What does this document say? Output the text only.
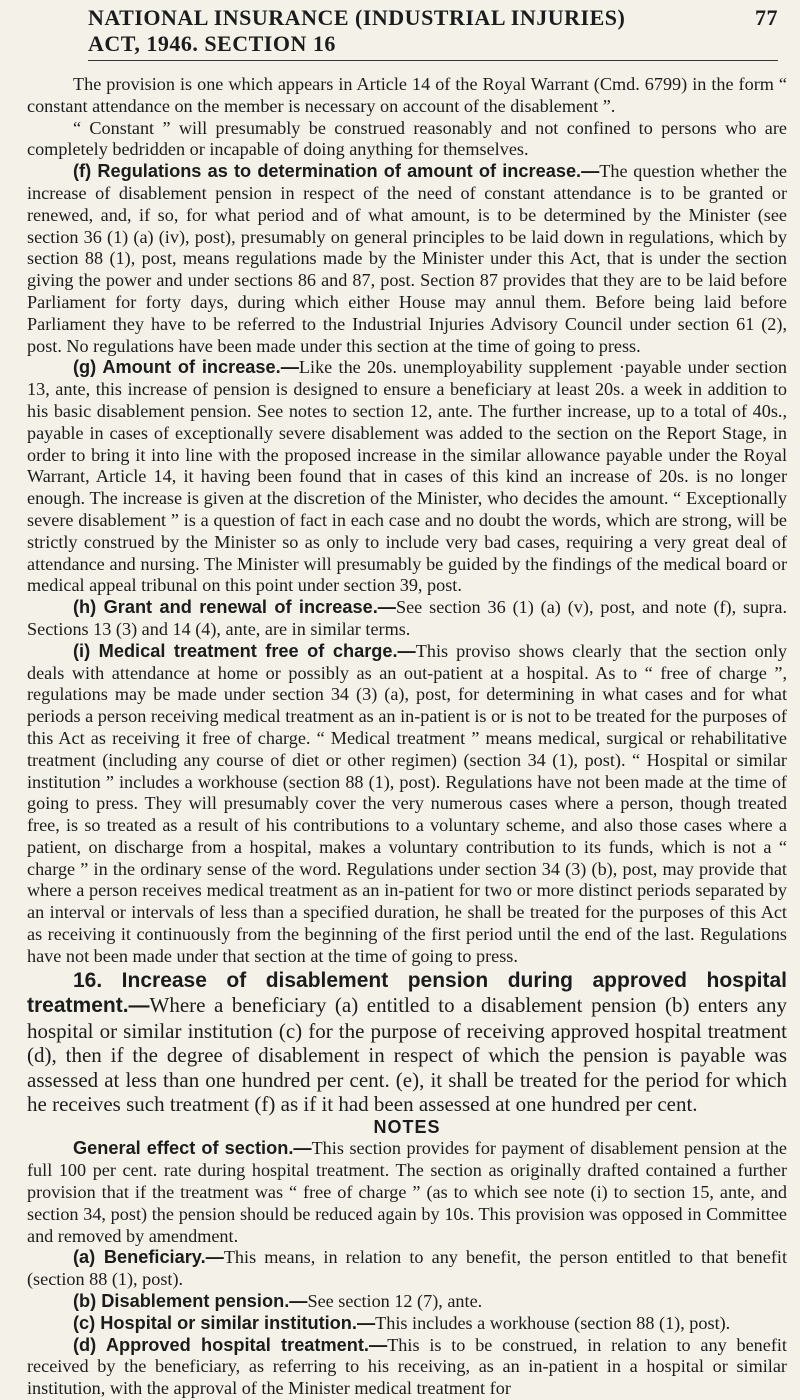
NATIONAL INSURANCE (INDUSTRIAL INJURIES)	77
ACT, 1946. SECTION 16

The provision is one which appears in Article 14 of the Royal Warrant (Cmd. 6799) in the form “ constant attendance on the member is necessary on account of the disablement ”.

“ Constant ” will presumably be construed reasonably and not confined to persons who are completely bedridden or incapable of doing anything for themselves.

(f) Regulations as to determination of amount of increase.—The question whether the increase of disablement pension in respect of the need of constant attendance is to be granted or renewed, and, if so, for what period and of what amount, is to be determined by the Minister (see section 36 (1) (a) (iv), post), presumably on general principles to be laid down in regulations, which by section 88 (1), post, means regulations made by the Minister under this Act, that is under the section giving the power and under sections 86 and 87, post. Section 87 provides that they are to be laid before Parliament for forty days, during which either House may annul them. Before being laid before Parliament they have to be referred to the Industrial Injuries Advisory Council under section 61 (2), post. No regulations have been made under this section at the time of going to press.

(g) Amount of increase.—Like the 20s. unemployability supplement ·payable under section 13, ante, this increase of pension is designed to ensure a beneficiary at least 20s. a week in addition to his basic disablement pension. See notes to section 12, ante. The further increase, up to a total of 40s., payable in cases of exceptionally severe disablement was added to the section on the Report Stage, in order to bring it into line with the proposed increase in the similar allowance payable under the Royal Warrant, Article 14, it having been found that in cases of this kind an increase of 20s. is no longer enough. The increase is given at the discretion of the Minister, who decides the amount. “ Exceptionally severe disablement ” is a question of fact in each case and no doubt the words, which are strong, will be strictly construed by the Minister so as only to include very bad cases, requiring a very great deal of attendance and nursing. The Minister will presumably be guided by the findings of the medical board or medical appeal tribunal on this point under section 39, post.

(h) Grant and renewal of increase.—See section 36 (1) (a) (v), post, and note (f), supra. Sections 13 (3) and 14 (4), ante, are in similar terms.

(i) Medical treatment free of charge.—This proviso shows clearly that the section only deals with attendance at home or possibly as an out-patient at a hospital. As to “ free of charge ”, regulations may be made under section 34 (3) (a), post, for determining in what cases and for what periods a person receiving medical treatment as an in-patient is or is not to be treated for the purposes of this Act as receiving it free of charge. “ Medical treatment ” means medical, surgical or rehabilitative treatment (including any course of diet or other regimen) (section 34 (1), post). “ Hospital or similar institution ” includes a workhouse (section 88 (1), post). Regulations have not been made at the time of going to press. They will presumably cover the very numerous cases where a person, though treated free, is so treated as a result of his contributions to a voluntary scheme, and also those cases where a patient, on discharge from a hospital, makes a voluntary contribution to its funds, which is not a “ charge ” in the ordinary sense of the word. Regulations under section 34 (3) (b), post, may provide that where a person receives medical treatment as an in-patient for two or more distinct periods separated by an interval or intervals of less than a specified duration, he shall be treated for the purposes of this Act as receiving it continuously from the beginning of the first period until the end of the last. Regulations have not been made under that section at the time of going to press.

16. Increase of disablement pension during approved hospital treatment.—Where a beneficiary (a) entitled to a disablement pension (b) enters any hospital or similar institution (c) for the purpose of receiving approved hospital treatment (d), then if the degree of disablement in respect of which the pension is payable was assessed at less than one hundred per cent. (e), it shall be treated for the period for which he receives such treatment (f) as if it had been assessed at one hundred per cent.

NOTES

General effect of section.—This section provides for payment of disablement pension at the full 100 per cent. rate during hospital treatment. The section as originally drafted contained a further provision that if the treatment was “ free of charge ” (as to which see note (i) to section 15, ante, and section 34, post) the pension should be reduced again by 10s. This provision was opposed in Committee and removed by amendment.

(a) Beneficiary.—This means, in relation to any benefit, the person entitled to that benefit (section 88 (1), post).

(b) Disablement pension.—See section 12 (7), ante.

(c) Hospital or similar institution.—This includes a workhouse (section 88 (1), post).

(d) Approved hospital treatment.—This is to be construed, in relation to any benefit received by the beneficiary, as referring to his receiving, as an in-patient in a hospital or similar institution, with the approval of the Minister medical treatment for
